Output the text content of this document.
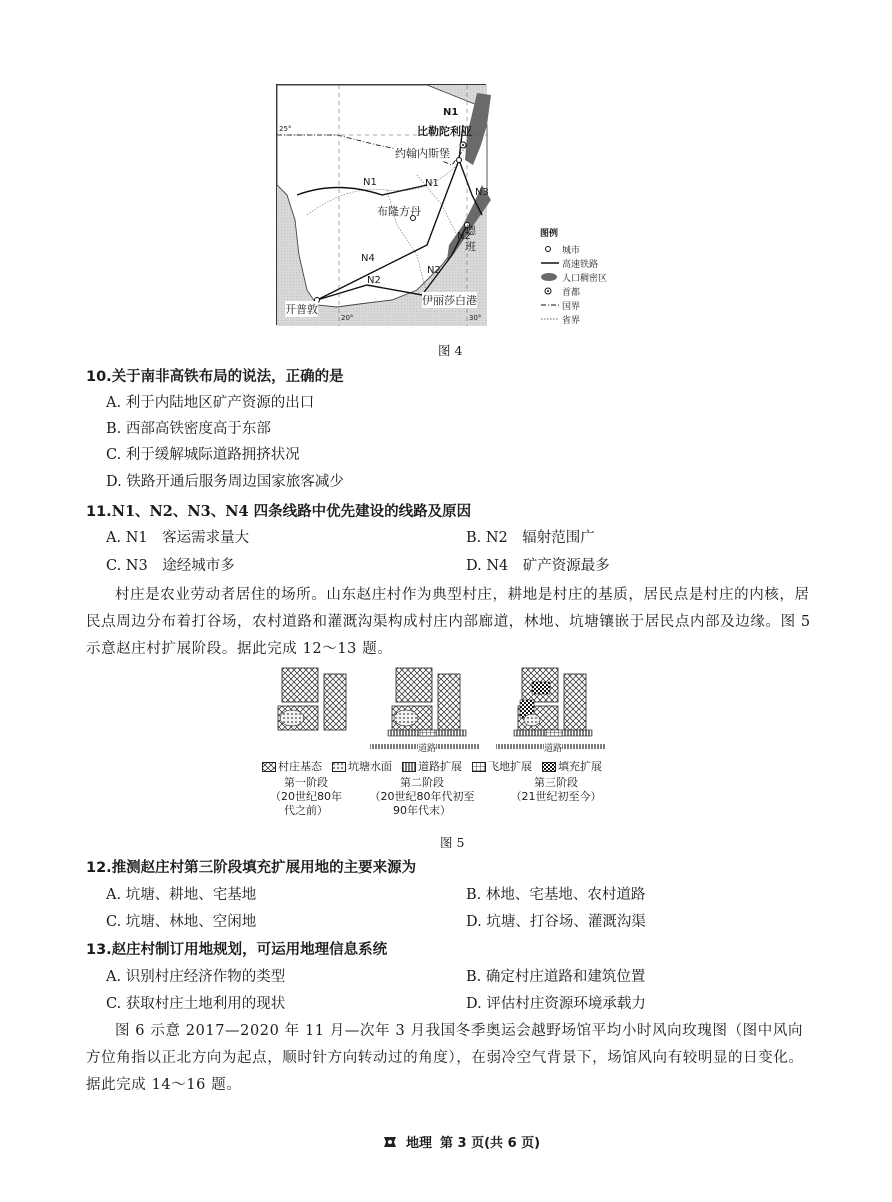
N1
比勒陀利亚
约翰内斯堡
N1
N1
N3
布隆方丹
N2
德班
N4
N2
N2
伊丽莎白港
开普敦
25°
20°	30°
图例
城市
高速铁路
人口稠密区
首都
国界
省界
图 4
10.关于南非高铁布局的说法，正确的是
A. 利于内陆地区矿产资源的出口
B. 西部高铁密度高于东部
C. 利于缓解城际道路拥挤状况
D. 铁路开通后服务周边国家旅客减少
11.N1、N2、N3、N4 四条线路中优先建设的线路及原因
A. N1　客运需求量大	B. N2　辐射范围广
C. N3　途经城市多	D. N4　矿产资源最多
村庄是农业劳动者居住的场所。山东赵庄村作为典型村庄，耕地是村庄的基质，居民点是村庄的内核，居民点周边分布着打谷场，农村道路和灌溉沟渠构成村庄内部廊道，林地、坑塘镶嵌于居民点内部及边缘。图 5 示意赵庄村扩展阶段。据此完成 12～13 题。
道路	道路
村庄基态 坑塘水面 道路扩展 飞地扩展 填充扩展
第一阶段
（20世纪80年代之前）
第二阶段
（20世纪80年代初至90年代末）
第三阶段
（21世纪初至今）
图 5
12.推测赵庄村第三阶段填充扩展用地的主要来源为
A. 坑塘、耕地、宅基地	B. 林地、宅基地、农村道路
C. 坑塘、林地、空闲地	D. 坑塘、打谷场、灌溉沟渠
13.赵庄村制订用地规划，可运用地理信息系统
A. 识别村庄经济作物的类型	B. 确定村庄道路和建筑位置
C. 获取村庄土地利用的现状	D. 评估村庄资源环境承载力
图 6 示意 2017—2020 年 11 月—次年 3 月我国冬季奥运会越野场馆平均小时风向玫瑰图（图中风向方位角指以正北方向为起点，顺时针方向转动过的角度），在弱冷空气背景下，场馆风向有较明显的日变化。据此完成 14～16 题。
地理 第 3 页(共 6 页)
